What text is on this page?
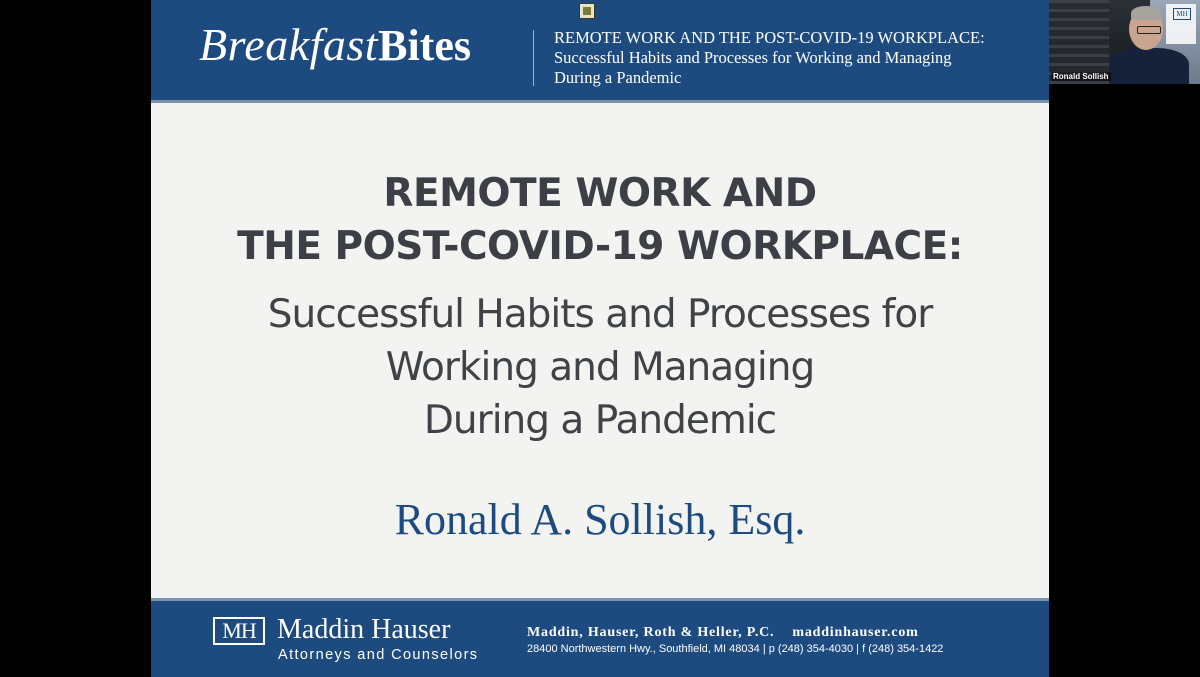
Breakfast Bites	REMOTE WORK AND THE POST-COVID-19 WORKPLACE:
Successful Habits and Processes for Working and Managing
During a Pandemic
REMOTE WORK AND
THE POST-COVID-19 WORKPLACE:
Successful Habits and Processes for
Working and Managing
During a Pandemic
Ronald A. Sollish, Esq.
MH Maddin Hauser
Attorneys and Counselors
Maddin, Hauser, Roth & Heller, P.C. maddinhauser.com
28400 Northwestern Hwy., Southfield, MI 48034 | p (248) 354-4030 | f (248) 354-1422
MH
Ronald Sollish
